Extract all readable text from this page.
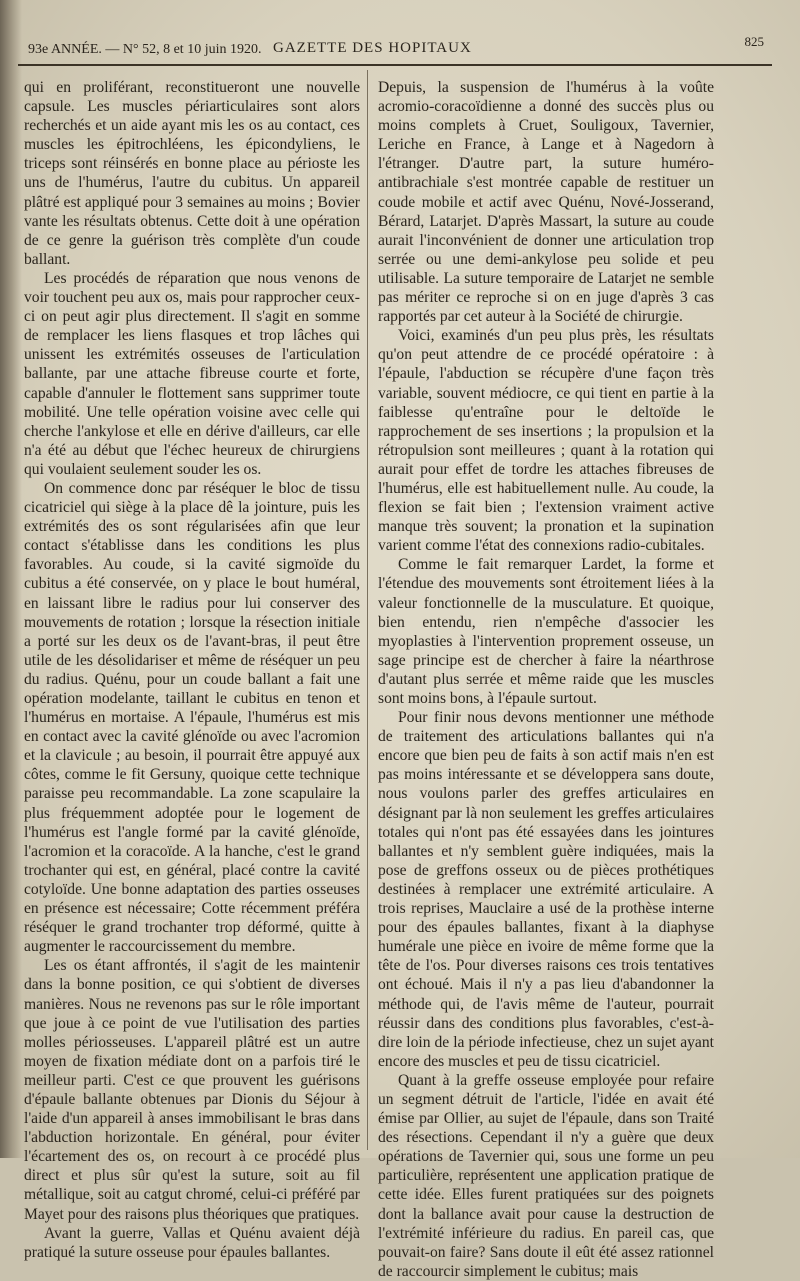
93e ANNÉE. — N° 52, 8 et 10 juin 1920. GAZETTE DES HOPITAUX	825

qui en proliférant, reconstitueront une nouvelle capsule. Les muscles périarticulaires sont alors recherchés et un aide ayant mis les os au contact, ces muscles les épitrochléens, les épicondyliens, le triceps sont réinsérés en bonne place au périoste les uns de l'humérus, l'autre du cubitus. Un appareil plâtré est appliqué pour 3 semaines au moins ; Bovier vante les résultats obtenus. Cette doit à une opération de ce genre la guérison très complète d'un coude ballant.

Les procédés de réparation que nous venons de voir touchent peu aux os, mais pour rapprocher ceux-ci on peut agir plus directement. Il s'agit en somme de remplacer les liens flasques et trop lâches qui unissent les extrémités osseuses de l'articulation ballante, par une attache fibreuse courte et forte, capable d'annuler le flottement sans supprimer toute mobilité. Une telle opération voisine avec celle qui cherche l'ankylose et elle en dérive d'ailleurs, car elle n'a été au début que l'échec heureux de chirurgiens qui voulaient seulement souder les os.

On commence donc par réséquer le bloc de tissu cicatriciel qui siège à la place dê la jointure, puis les extrémités des os sont régularisées afin que leur contact s'établisse dans les conditions les plus favorables. Au coude, si la cavité sigmoïde du cubitus a été conservée, on y place le bout huméral, en laissant libre le radius pour lui conserver des mouvements de rotation ; lorsque la résection initiale a porté sur les deux os de l'avant-bras, il peut être utile de les désolidariser et même de réséquer un peu du radius. Quénu, pour un coude ballant a fait une opération modelante, taillant le cubitus en tenon et l'humérus en mortaise. A l'épaule, l'humérus est mis en contact avec la cavité glénoïde ou avec l'acromion et la clavicule ; au besoin, il pourrait être appuyé aux côtes, comme le fit Gersuny, quoique cette technique paraisse peu recommandable. La zone scapulaire la plus fréquemment adoptée pour le logement de l'humérus est l'angle formé par la cavité glénoïde, l'acromion et la coracoïde. A la hanche, c'est le grand trochanter qui est, en général, placé contre la cavité cotyloïde. Une bonne adaptation des parties osseuses en présence est nécessaire; Cotte récemment préféra réséquer le grand trochanter trop déformé, quitte à augmenter le raccourcissement du membre.

Les os étant affrontés, il s'agit de les maintenir dans la bonne position, ce qui s'obtient de diverses manières. Nous ne revenons pas sur le rôle important que joue à ce point de vue l'utilisation des parties molles périosseuses. L'appareil plâtré est un autre moyen de fixation médiate dont on a parfois tiré le meilleur parti. C'est ce que prouvent les guérisons d'épaule ballante obtenues par Dionis du Séjour à l'aide d'un appareil à anses immobilisant le bras dans l'abduction horizontale. En général, pour éviter l'écartement des os, on recourt à ce procédé plus direct et plus sûr qu'est la suture, soit au fil métallique, soit au catgut chromé, celui-ci préféré par Mayet pour des raisons plus théoriques que pratiques.

Avant la guerre, Vallas et Quénu avaient déjà pratiqué la suture osseuse pour épaules ballantes.

Depuis, la suspension de l'humérus à la voûte acromio-coracoïdienne a donné des succès plus ou moins complets à Cruet, Souligoux, Tavernier, Leriche en France, à Lange et à Nagedorn à l'étranger. D'autre part, la suture huméro-antibrachiale s'est montrée capable de restituer un coude mobile et actif avec Quénu, Nové-Josserand, Bérard, Latarjet. D'après Massart, la suture au coude aurait l'inconvénient de donner une articulation trop serrée ou une demi-ankylose peu solide et peu utilisable. La suture temporaire de Latarjet ne semble pas mériter ce reproche si on en juge d'après 3 cas rapportés par cet auteur à la Société de chirurgie.

Voici, examinés d'un peu plus près, les résultats qu'on peut attendre de ce procédé opératoire : à l'épaule, l'abduction se récupère d'une façon très variable, souvent médiocre, ce qui tient en partie à la faiblesse qu'entraîne pour le deltoïde le rapprochement de ses insertions ; la propulsion et la rétropulsion sont meilleures ; quant à la rotation qui aurait pour effet de tordre les attaches fibreuses de l'humérus, elle est habituellement nulle. Au coude, la flexion se fait bien ; l'extension vraiment active manque très souvent; la pronation et la supination varient comme l'état des connexions radio-cubitales.

Comme le fait remarquer Lardet, la forme et l'étendue des mouvements sont étroitement liées à la valeur fonctionnelle de la musculature. Et quoique, bien entendu, rien n'empêche d'associer les myoplasties à l'intervention proprement osseuse, un sage principe est de chercher à faire la néarthrose d'autant plus serrée et même raide que les muscles sont moins bons, à l'épaule surtout.

Pour finir nous devons mentionner une méthode de traitement des articulations ballantes qui n'a encore que bien peu de faits à son actif mais n'en est pas moins intéressante et se développera sans doute, nous voulons parler des greffes articulaires en désignant par là non seulement les greffes articulaires totales qui n'ont pas été essayées dans les jointures ballantes et n'y semblent guère indiquées, mais la pose de greffons osseux ou de pièces prothétiques destinées à remplacer une extrémité articulaire. A trois reprises, Mauclaire a usé de la prothèse interne pour des épaules ballantes, fixant à la diaphyse humérale une pièce en ivoire de même forme que la tête de l'os. Pour diverses raisons ces trois tentatives ont échoué. Mais il n'y a pas lieu d'abandonner la méthode qui, de l'avis même de l'auteur, pourrait réussir dans des conditions plus favorables, c'est-à-dire loin de la période infectieuse, chez un sujet ayant encore des muscles et peu de tissu cicatriciel.

Quant à la greffe osseuse employée pour refaire un segment détruit de l'article, l'idée en avait été émise par Ollier, au sujet de l'épaule, dans son Traité des résections. Cependant il n'y a guère que deux opérations de Tavernier qui, sous une forme un peu particulière, représentent une application pratique de cette idée. Elles furent pratiquées sur des poignets dont la ballance avait pour cause la destruction de l'extrémité inférieure du radius. En pareil cas, que pouvait-on faire? Sans doute il eût été assez rationnel de raccourcir simplement le cubitus; mais
